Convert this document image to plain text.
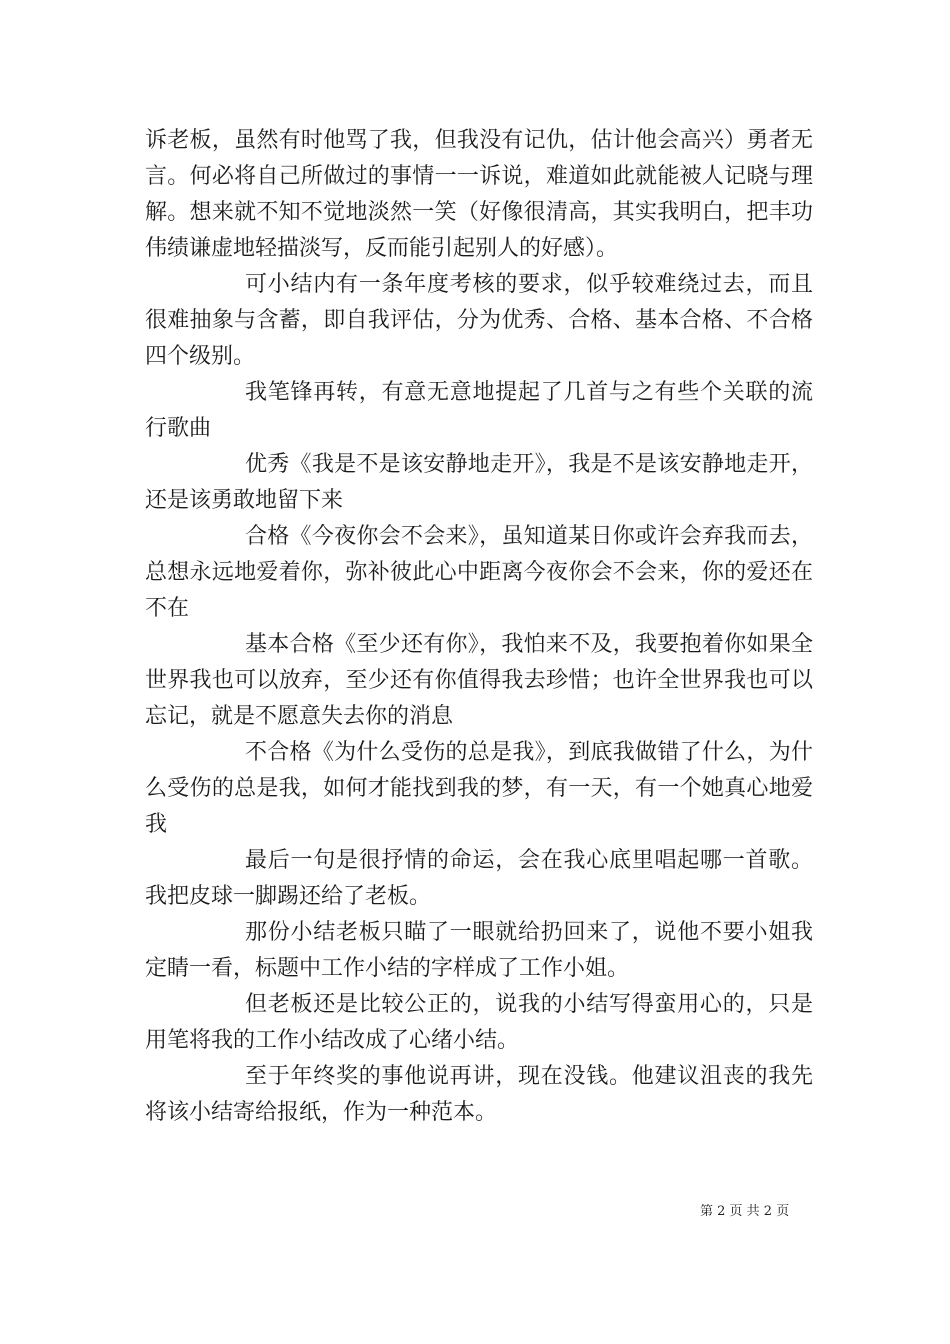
诉老板，虽然有时他骂了我，但我没有记仇，估计他会高兴）勇者无言。何必将自己所做过的事情一一诉说，难道如此就能被人记晓与理解。想来就不知不觉地淡然一笑（好像很清高，其实我明白，把丰功伟绩谦虚地轻描淡写，反而能引起别人的好感）。

可小结内有一条年度考核的要求，似乎较难绕过去，而且很难抽象与含蓄，即自我评估，分为优秀、合格、基本合格、不合格四个级别。

我笔锋再转，有意无意地提起了几首与之有些个关联的流行歌曲

优秀《我是不是该安静地走开》，我是不是该安静地走开，还是该勇敢地留下来

合格《今夜你会不会来》，虽知道某日你或许会弃我而去，总想永远地爱着你，弥补彼此心中距离今夜你会不会来，你的爱还在不在

基本合格《至少还有你》，我怕来不及，我要抱着你如果全世界我也可以放弃，至少还有你值得我去珍惜；也许全世界我也可以忘记，就是不愿意失去你的消息

不合格《为什么受伤的总是我》，到底我做错了什么，为什么受伤的总是我，如何才能找到我的梦，有一天，有一个她真心地爱我

最后一句是很抒情的命运，会在我心底里唱起哪一首歌。我把皮球一脚踢还给了老板。

那份小结老板只瞄了一眼就给扔回来了，说他不要小姐我定睛一看，标题中工作小结的字样成了工作小姐。

但老板还是比较公正的，说我的小结写得蛮用心的，只是用笔将我的工作小结改成了心绪小结。

至于年终奖的事他说再讲，现在没钱。他建议沮丧的我先将该小结寄给报纸，作为一种范本。

第 2 页 共 2 页
